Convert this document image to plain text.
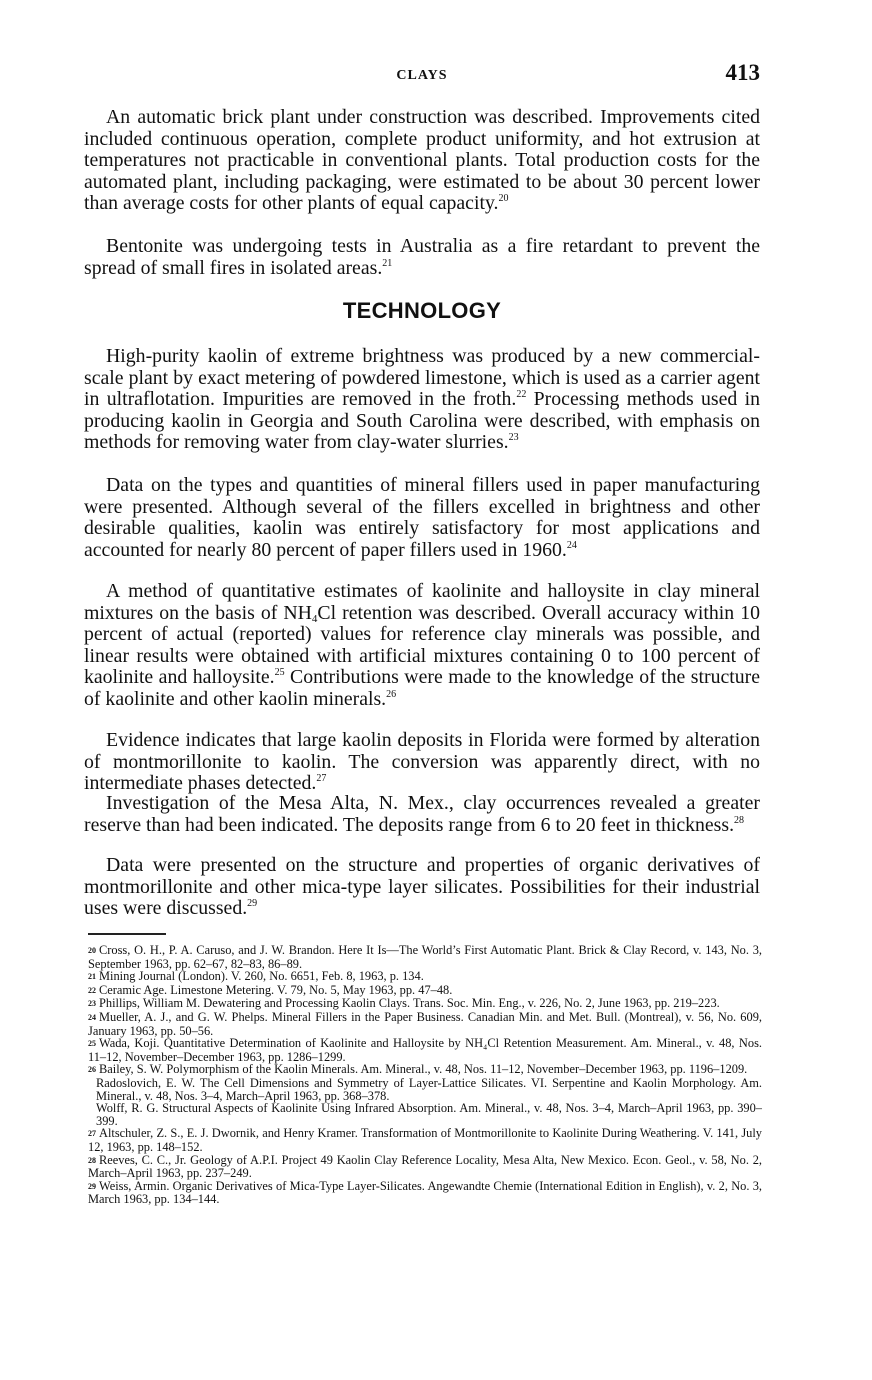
CLAYS	413

An automatic brick plant under construction was described. Improvements cited included continuous operation, complete product uniformity, and hot extrusion at temperatures not practicable in conventional plants. Total production costs for the automated plant, including packaging, were estimated to be about 30 percent lower than average costs for other plants of equal capacity.$^{20}$

Bentonite was undergoing tests in Australia as a fire retardant to prevent the spread of small fires in isolated areas.$^{21}$

TECHNOLOGY

High-purity kaolin of extreme brightness was produced by a new commercial-scale plant by exact metering of powdered limestone, which is used as a carrier agent in ultraflotation. Impurities are removed in the froth.$^{22}$ Processing methods used in producing kaolin in Georgia and South Carolina were described, with emphasis on methods for removing water from clay-water slurries.$^{23}$

Data on the types and quantities of mineral fillers used in paper manufacturing were presented. Although several of the fillers excelled in brightness and other desirable qualities, kaolin was entirely satisfactory for most applications and accounted for nearly 80 percent of paper fillers used in 1960.24

A method of quantitative estimates of kaolinite and halloysite in clay mineral mixtures on the basis of $NH_4Cl$ retention was described. Overall accuracy within 10 percent of actual (reported) values for reference clay minerals was possible, and linear results were obtained with artificial mixtures containing 0 to 100 percent of kaolinite and halloysite.$^{25}$ Contributions were made to the knowledge of the structure of kaolinite and other kaolin minerals.$^{26}$

Evidence indicates that large kaolin deposits in Florida were formed by alteration of montmorillonite to kaolin. The conversion was apparently direct, with no intermediate phases detected.$^{27}$

Investigation of the Mesa Alta, N. Mex., clay occurrences revealed a greater reserve than had been indicated. The deposits range from 6 to 20 feet in thickness.$^{28}$

Data were presented on the structure and properties of organic derivatives of montmorillonite and other mica-type layer silicates. Possibilities for their industrial uses were discussed.$^{29}$

20 Cross, O. H., P. A. Caruso, and J. W. Brandon. Here It Is—The World’s First Automatic Plant. Brick & Clay Record, v. 143, No. 3, September 1963, pp. 62–67, 82–83, 86–89.

21 Mining Journal (London). V. 260, No. 6651, Feb. 8, 1963, p. 134.

22 Ceramic Age. Limestone Metering. V. 79, No. 5, May 1963, pp. 47–48.

23 Phillips, William M. Dewatering and Processing Kaolin Clays. Trans. Soc. Min. Eng., v. 226, No. 2, June 1963, pp. 219–223.

24 Mueller, A. J., and G. W. Phelps. Mineral Fillers in the Paper Business. Canadian Min. and Met. Bull. (Montreal), v. 56, No. 609, January 1963, pp. 50–56.

25 Wada, Koji. Quantitative Determination of Kaolinite and Halloysite by NH₄Cl Retention Measurement. Am. Mineral., v. 48, Nos. 11–12, November–December 1963, pp. 1286–1299.

26 Bailey, S. W. Polymorphism of the Kaolin Minerals. Am. Mineral., v. 48, Nos. 11–12, November–December 1963, pp. 1196–1209.

Radoslovich, E. W. The Cell Dimensions and Symmetry of Layer-Lattice Silicates. VI. Serpentine and Kaolin Morphology. Am. Mineral., v. 48, Nos. 3–4, March–April 1963, pp. 368–378.

Wolff, R. G. Structural Aspects of Kaolinite Using Infrared Absorption. Am. Mineral., v. 48, Nos. 3–4, March–April 1963, pp. 390–399.

27 Altschuler, Z. S., E. J. Dwornik, and Henry Kramer. Transformation of Montmorillonite to Kaolinite During Weathering. V. 141, July 12, 1963, pp. 148–152.

28 Reeves, C. C., Jr. Geology of A.P.I. Project 49 Kaolin Clay Reference Locality, Mesa Alta, New Mexico. Econ. Geol., v. 58, No. 2, March–April 1963, pp. 237–249.

29 Weiss, Armin. Organic Derivatives of Mica-Type Layer-Silicates. Angewandte Chemie (International Edition in English), v. 2, No. 3, March 1963, pp. 134–144.
